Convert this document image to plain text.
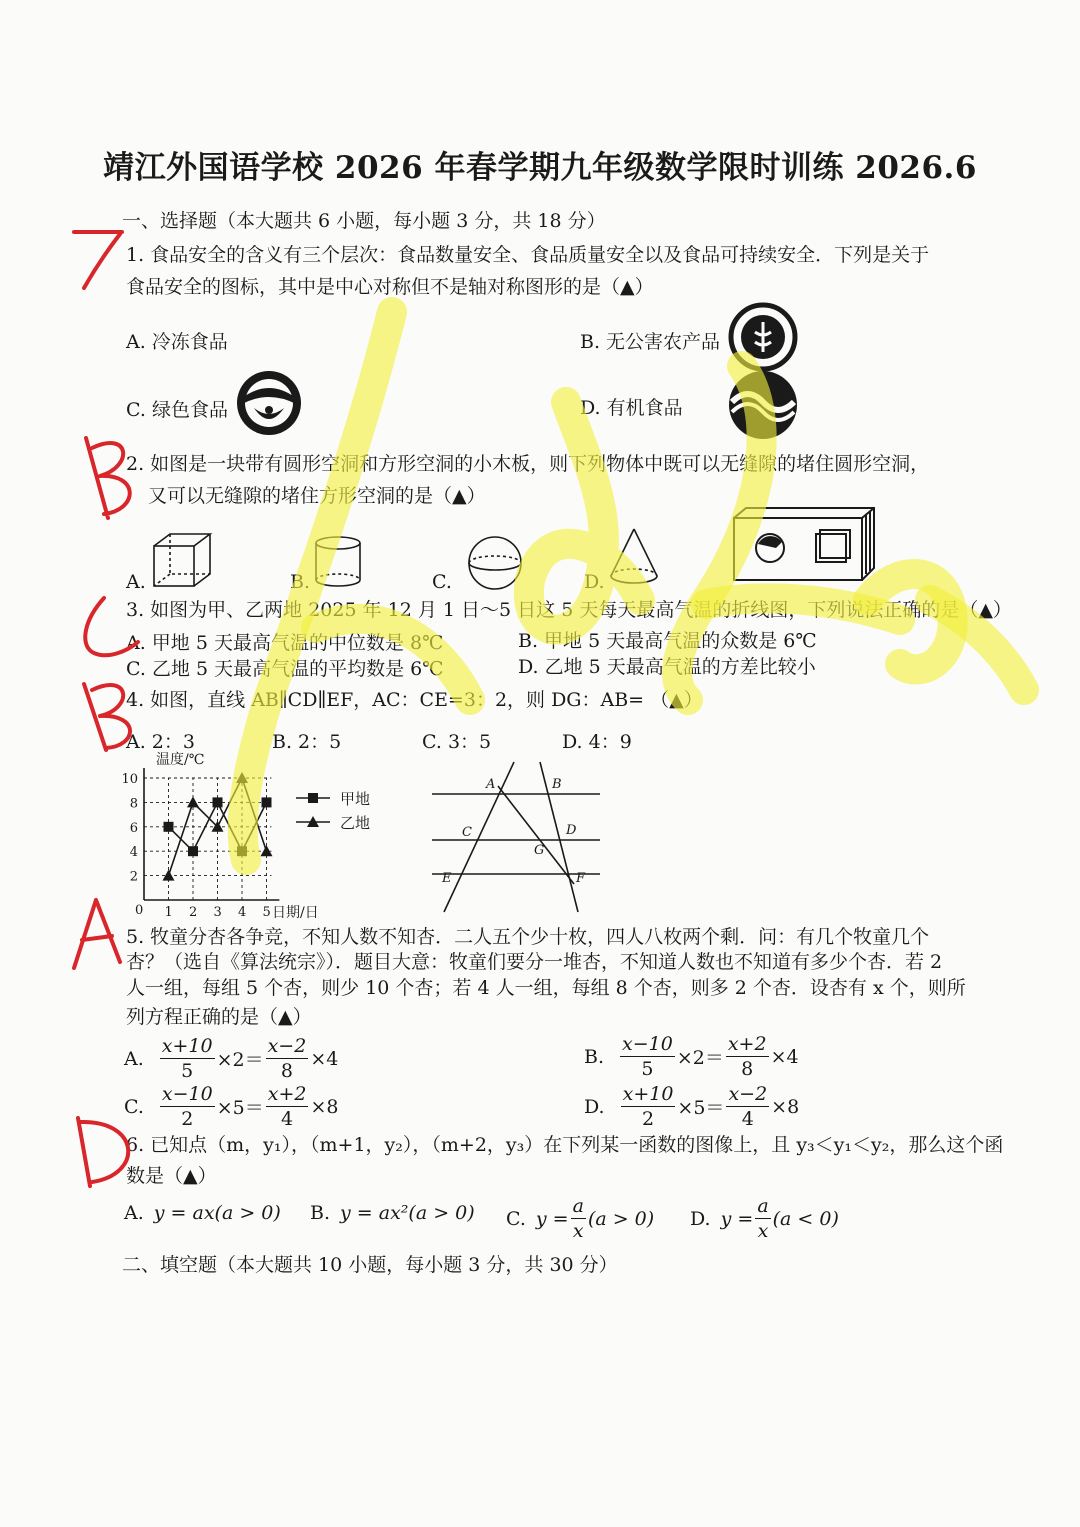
靖江外国语学校 2026 年春学期九年级数学限时训练 2026.6
一、选择题（本大题共 6 小题，每小题 3 分，共 18 分）
1. 食品安全的含义有三个层次：食品数量安全、食品质量安全以及食品可持续安全．下列是关于
食品安全的图标，其中是中心对称但不是轴对称图形的是（▲）
A. 冷冻食品	B. 无公害农产品
C. 绿色食品	D. 有机食品
2. 如图是一块带有圆形空洞和方形空洞的小木板，则下列物体中既可以无缝隙的堵住圆形空洞，
又可以无缝隙的堵住方形空洞的是（▲）
A.	B.	C.	D.
3. 如图为甲、乙两地 2025 年 12 月 1 日～5 日这 5 天每天最高气温的折线图，下列说法正确的是（▲）
A. 甲地 5 天最高气温的中位数是 8℃	B. 甲地 5 天最高气温的众数是 6℃
C. 乙地 5 天最高气温的平均数是 6℃	D. 乙地 5 天最高气温的方差比较小
4. 如图，直线 AB∥CD∥EF，AC：CE=3：2，则 DG：AB= （▲）
A. 2：3	B. 2：5	C. 3：5	D. 4：9
温度/℃
日期/日
0 1 2 3 4 5
2
4
6
8
10
甲地
乙地
A	B
C	D
G
E	F
5. 牧童分杏各争竞，不知人数不知杏．二人五个少十枚，四人八枚两个剩．问：有几个牧童几个
杏？（选自《算法统宗》）．题目大意：牧童们要分一堆杏，不知道人数也不知道有多少个杏．若 2
人一组，每组 5 个杏，则少 10 个杏；若 4 人一组，每组 8 个杏，则多 2 个杏．设杏有 x 个，则所
列方程正确的是（▲）
A. $\frac{x+10}{5} \times 2= \frac{x-2}{8} \times 4$	B. $\frac{x-10}{5} \times 2= \frac{x+2}{8} \times 4$
C. $\frac{x-10}{2} \times 5= \frac{x+2}{4} \times 8$	D. $\frac{x+10}{2} \times 5= \frac{x-2}{4} \times 8$
6. 已知点（m，y₁），（m+1，y₂），（m+2，y₃）在下列某一函数的图像上，且 y₃＜y₁＜y₂，那么这个函
数是（▲）
A. y = ax(a > 0) B. y = ax²(a > 0) C. $y = \frac{a}{x} (a > 0)$ D. $y = \frac{a}{x} (a < 0)$
二、填空题（本大题共 10 小题，每小题 3 分，共 30 分）
